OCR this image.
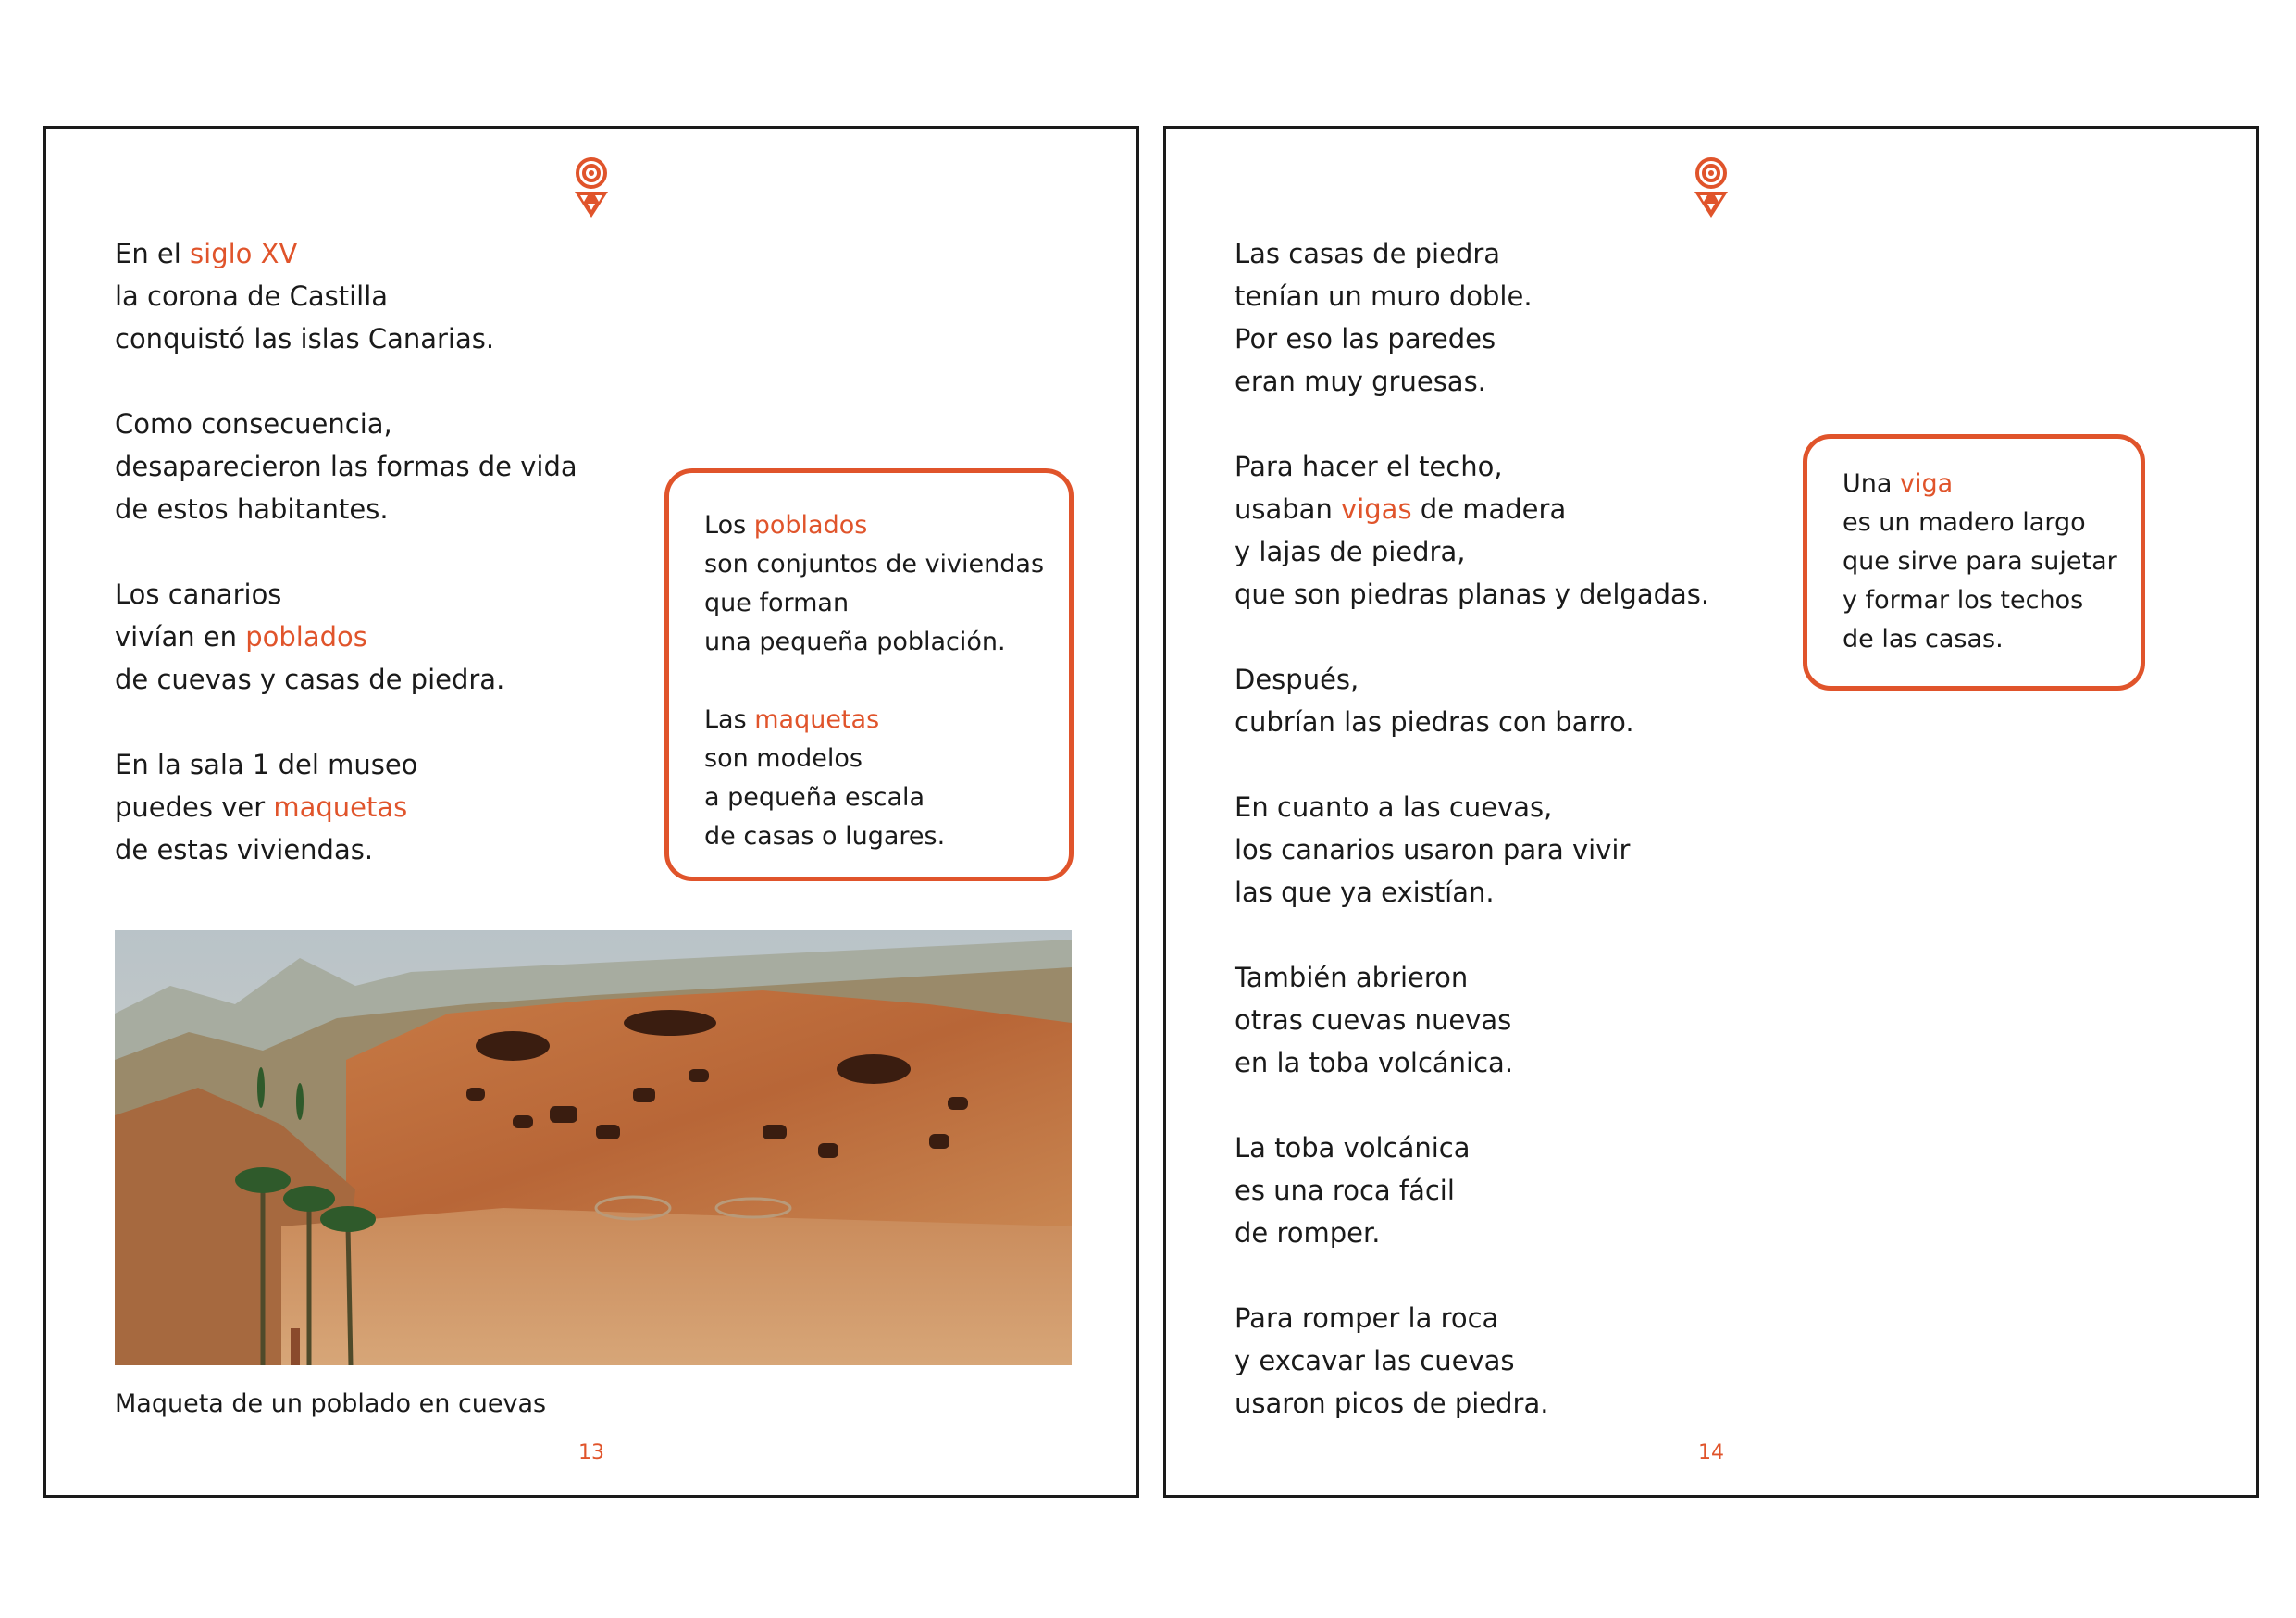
En el siglo XV
la corona de Castilla
conquistó las islas Canarias.
Como consecuencia,
desaparecieron las formas de vida
de estos habitantes.
Los canarios
vivían en poblados
de cuevas y casas de piedra.
En la sala 1 del museo
puedes ver maquetas
de estas viviendas.
Los poblados
son conjuntos de viviendas
que forman
una pequeña población.
Las maquetas
son modelos
a pequeña escala
de casas o lugares.
Maqueta de un poblado en cuevas
13
Las casas de piedra
tenían un muro doble.
Por eso las paredes
eran muy gruesas.
Para hacer el techo,
usaban vigas de madera
y lajas de piedra,
que son piedras planas y delgadas.
Después,
cubrían las piedras con barro.
En cuanto a las cuevas,
los canarios usaron para vivir
las que ya existían.
También abrieron
otras cuevas nuevas
en la toba volcánica.
La toba volcánica
es una roca fácil
de romper.
Para romper la roca
y excavar las cuevas
usaron picos de piedra.
Una viga
es un madero largo
que sirve para sujetar
y formar los techos
de las casas.
14
